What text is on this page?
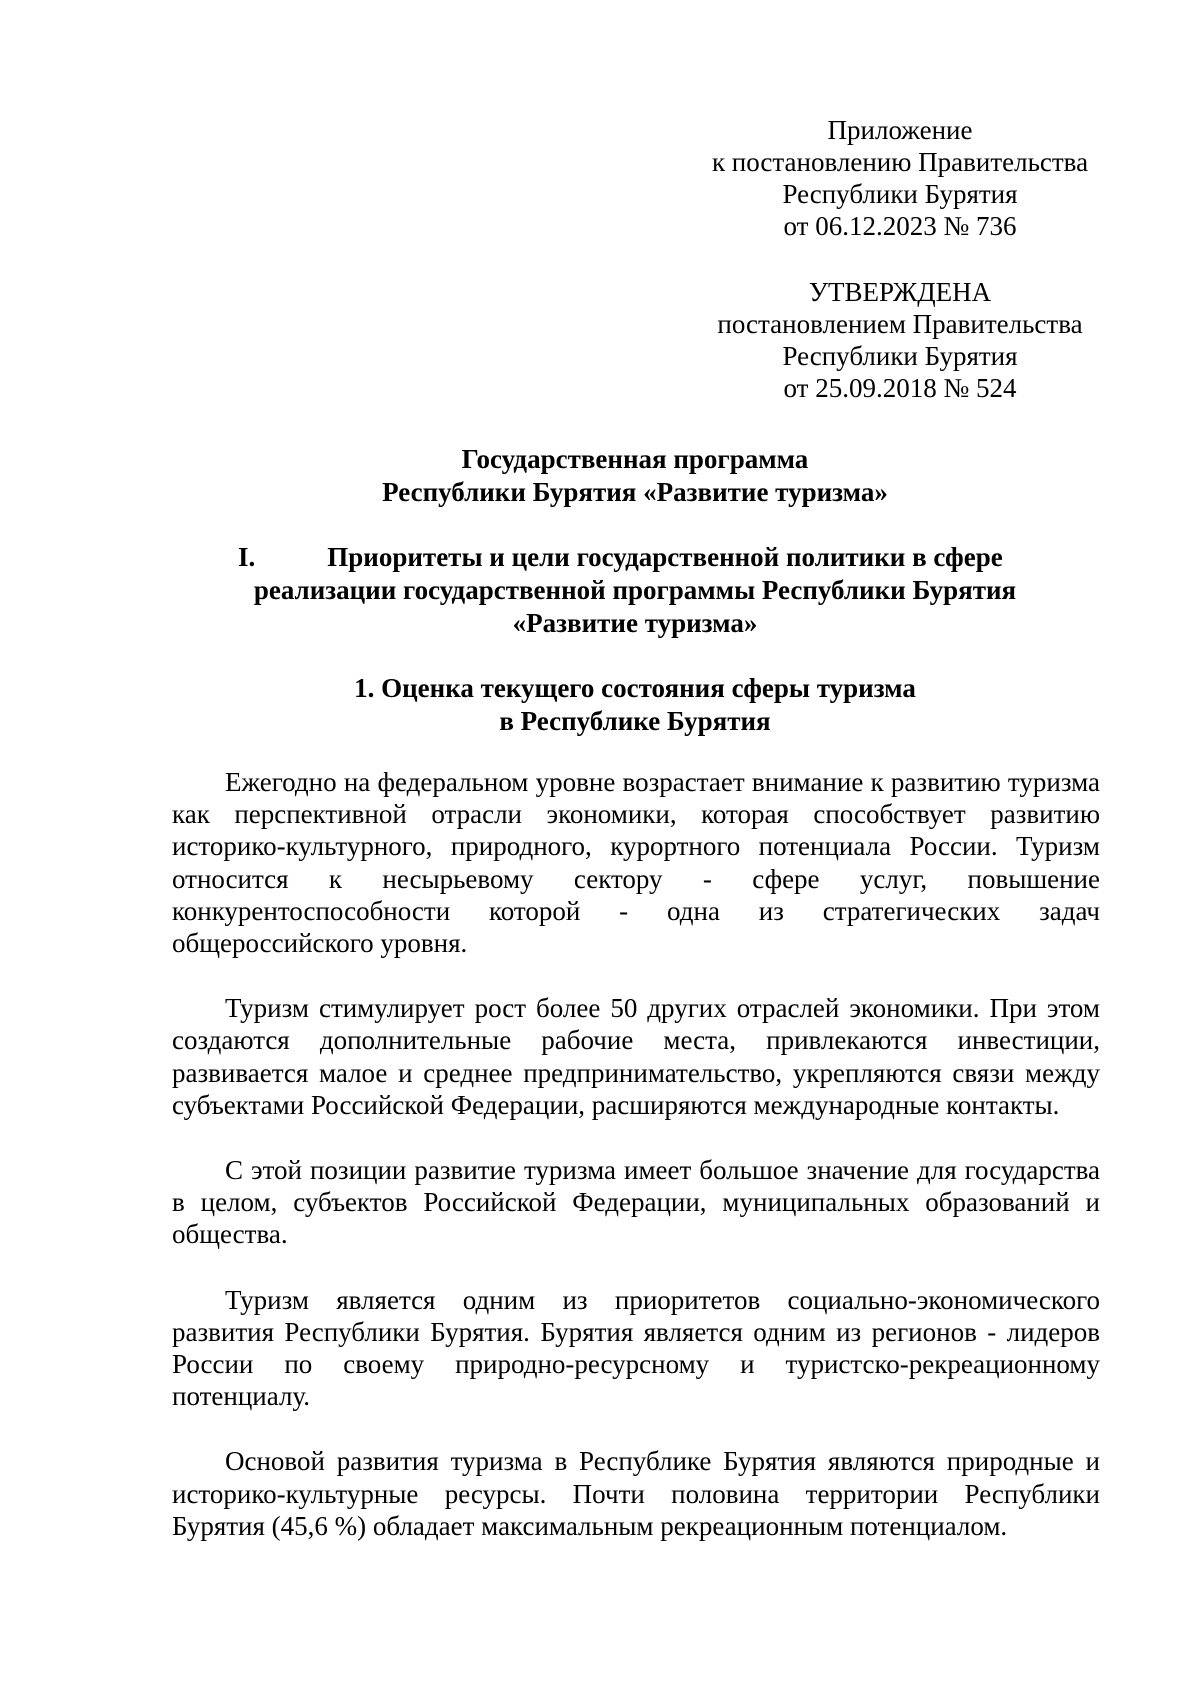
Приложение
к постановлению Правительства
Республики Бурятия
от 06.12.2023 № 736
УТВЕРЖДЕНА
постановлением Правительства
Республики Бурятия
от 25.09.2018 № 524
Государственная программа
Республики Бурятия «Развитие туризма»
I.	Приоритеты и цели государственной политики в сфере
реализации государственной программы Республики Бурятия
«Развитие туризма»
1. Оценка текущего состояния сферы туризма
в Республике Бурятия

Ежегодно на федеральном уровне возрастает внимание к развитию туризма как перспективной отрасли экономики, которая способствует развитию историко-культурного, природного, курортного потенциала России. Туризм относится к несырьевому сектору - сфере услуг, повышение конкурентоспособности которой - одна из стратегических задач общероссийского уровня.

Туризм стимулирует рост более 50 других отраслей экономики. При этом создаются дополнительные рабочие места, привлекаются инвестиции, развивается малое и среднее предпринимательство, укрепляются связи между субъектами Российской Федерации, расширяются международные контакты.

С этой позиции развитие туризма имеет большое значение для государства в целом, субъектов Российской Федерации, муниципальных образований и общества.

Туризм является одним из приоритетов социально-экономического развития Республики Бурятия. Бурятия является одним из регионов - лидеров России по своему природно-ресурсному и туристско-рекреационному потенциалу.

Основой развития туризма в Республике Бурятия являются природные и историко-культурные ресурсы. Почти половина территории Республики Бурятия (45,6 %) обладает максимальным рекреационным потенциалом.
